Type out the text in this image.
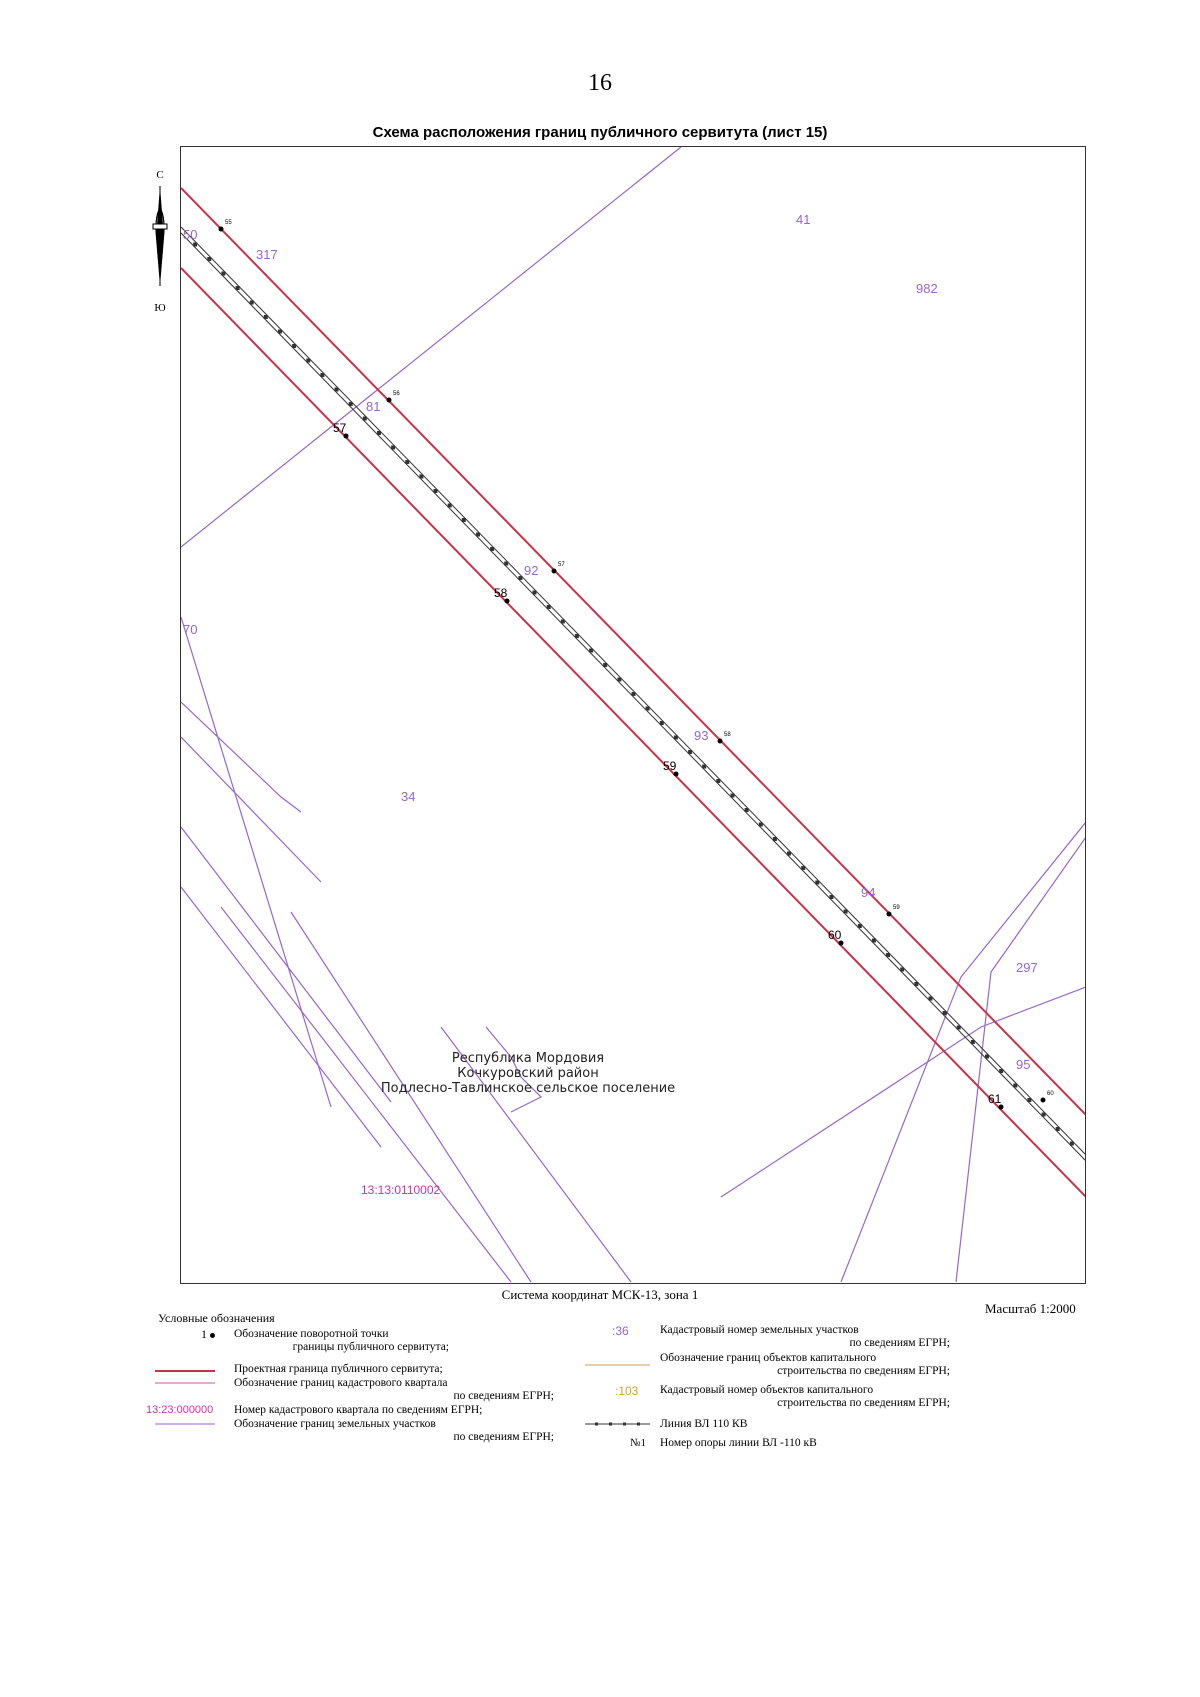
16
Схема расположения границ публичного сервитута (лист 15)
С
Ю
50
317
41
982
81
92
70
93
34
94
297
95
55
56
57
58
59
60
57
58
59
60
61
Республика Мордовия
Кочкуровский район
Подлесно-Тавлинское сельское поселение
13:13:0110002
Система координат МСК-13, зона 1
Масштаб 1:2000
Условные обозначения
1	Обозначение поворотной точки
границы публичного сервитута;
Проектная граница публичного сервитута;
Обозначение границ кадастрового квартала
по сведениям ЕГРН;
13:23:000000 Номер кадастрового квартала по сведениям ЕГРН;
Обозначение границ земельных участков
по сведениям ЕГРН;
:36	Кадастровый номер земельных участков
по сведениям ЕГРН;
Обозначение границ объектов капитального
строительства по сведениям ЕГРН;
:103 Кадастровый номер объектов капитального
строительства по сведениям ЕГРН;
Линия ВЛ 110 КВ
№1 Номер опоры линии ВЛ -110 кВ
